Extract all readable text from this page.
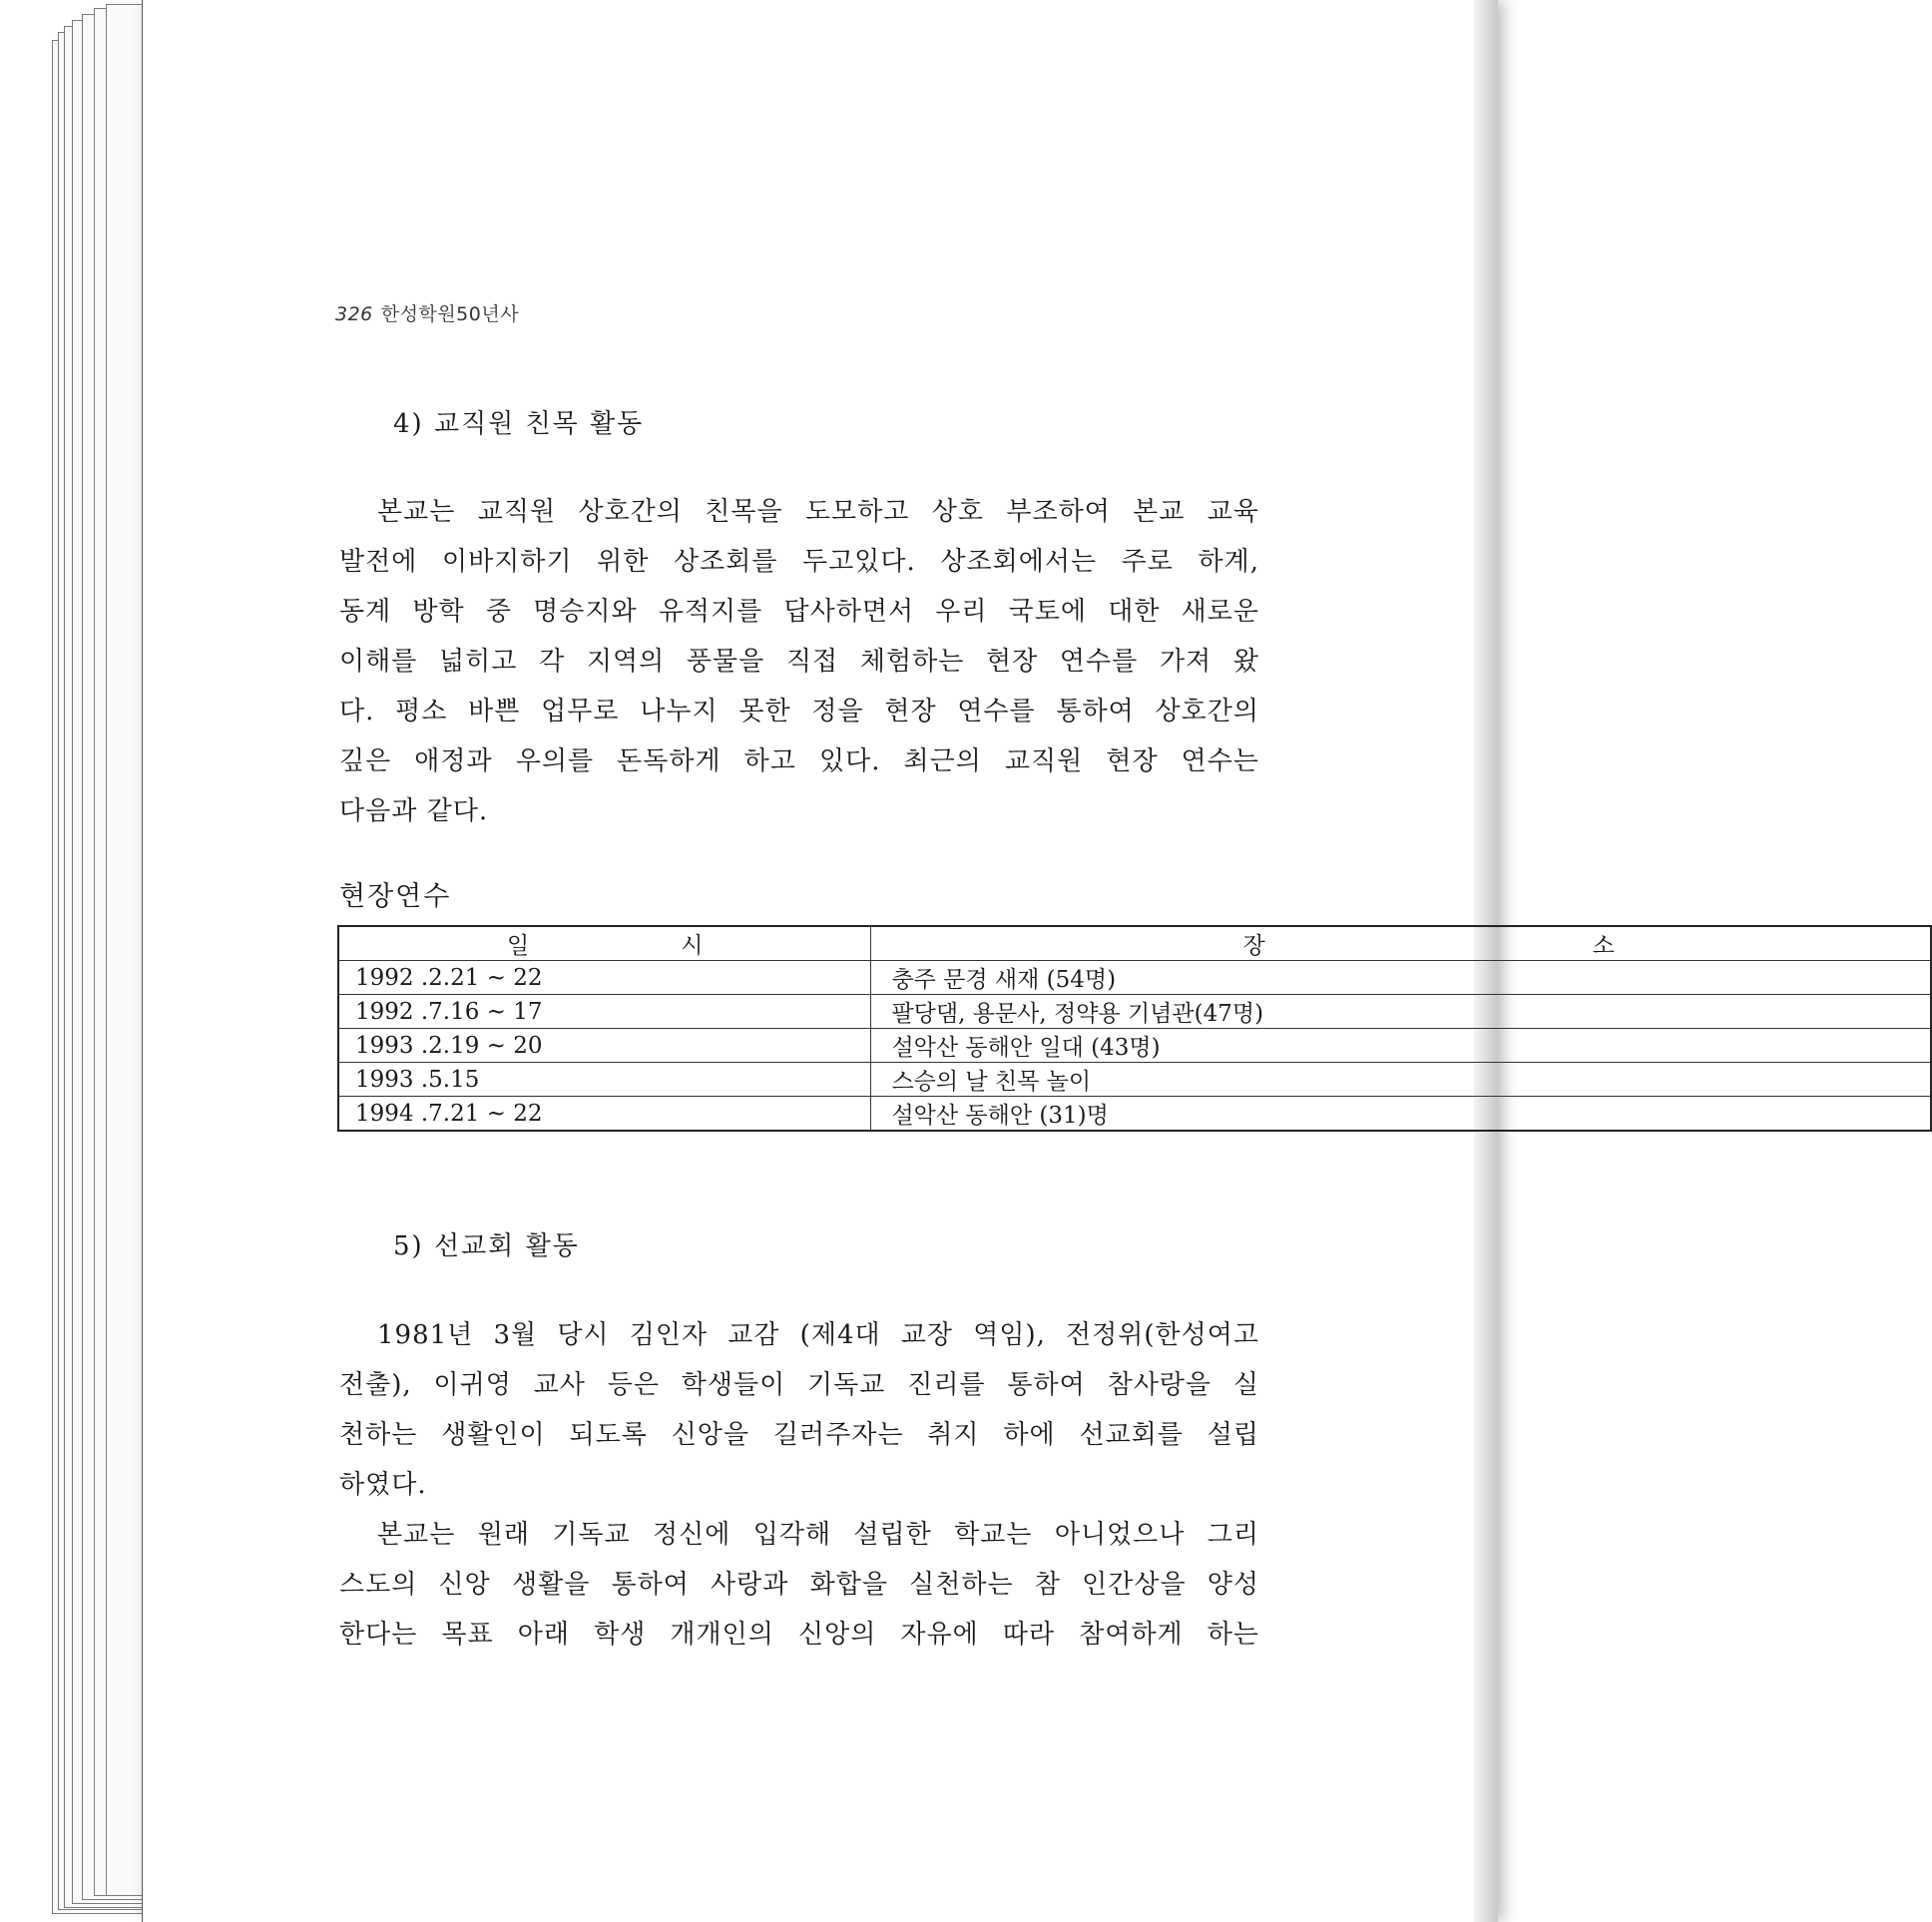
326 한성학원50년사
4) 교직원 친목 활동
본교는 교직원 상호간의 친목을 도모하고 상호 부조하여 본교 교육
발전에 이바지하기 위한 상조회를 두고있다. 상조회에서는 주로 하계,
동계 방학 중 명승지와 유적지를 답사하면서 우리 국토에 대한 새로운
이해를 넓히고 각 지역의 풍물을 직접 체험하는 현장 연수를 가져 왔
다. 평소 바쁜 업무로 나누지 못한 정을 현장 연수를 통하여 상호간의
깊은 애정과 우의를 돈독하게 하고 있다. 최근의 교직원 현장 연수는
다음과 같다.
현장연수
일 시	장 소

1992 .2.21 ~ 22	충주 문경 새재 (54명)
1992 .7.16 ~ 17	팔당댐, 용문사, 정약용 기념관(47명)
1993 .2.19 ~ 20	설악산 동해안 일대 (43명)
1993 .5.15	스승의 날 친목 놀이
1994 .7.21 ~ 22	설악산 동해안 (31)명
5) 선교회 활동
1981년 3월 당시 김인자 교감 (제4대 교장 역임), 전정위(한성여고
전출), 이귀영 교사 등은 학생들이 기독교 진리를 통하여 참사랑을 실
천하는 생활인이 되도록 신앙을 길러주자는 취지 하에 선교회를 설립
하였다.
본교는 원래 기독교 정신에 입각해 설립한 학교는 아니었으나 그리
스도의 신앙 생활을 통하여 사랑과 화합을 실천하는 참 인간상을 양성
한다는 목표 아래 학생 개개인의 신앙의 자유에 따라 참여하게 하는
